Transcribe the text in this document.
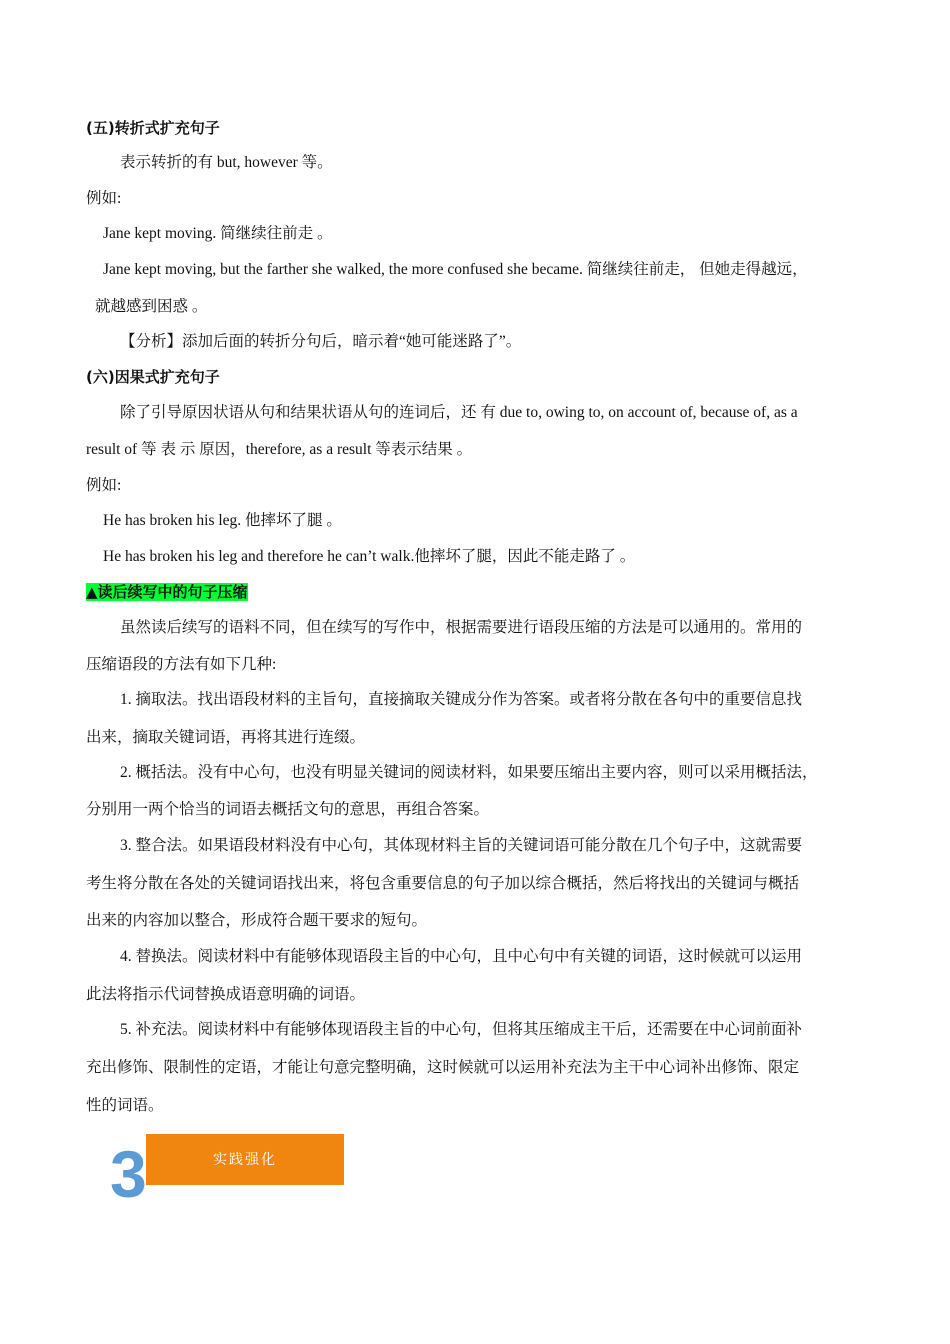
(五)转折式扩充句子
表示转折的有 but, however 等。
例如:
Jane kept moving. 简继续往前走 。
Jane kept moving, but the farther she walked, the more confused she became. 简继续往前走， 但她走得越远，
就越感到困惑 。
【分析】添加后面的转折分句后，暗示着“她可能迷路了”。
(六)因果式扩充句子
除了引导原因状语从句和结果状语从句的连词后，还 有 due to, owing to, on account of, because of, as a
result of 等 表 示 原因，therefore, as a result 等表示结果 。
例如:
He has broken his leg. 他摔坏了腿 。
He has broken his leg and therefore he can’t walk.他摔坏了腿，因此不能走路了 。
▲读后续写中的句子压缩
虽然读后续写的语料不同，但在续写的写作中，根据需要进行语段压缩的方法是可以通用的。常用的
压缩语段的方法有如下几种:
1. 摘取法。找出语段材料的主旨句，直接摘取关键成分作为答案。或者将分散在各句中的重要信息找
出来，摘取关键词语，再将其进行连缀。
2. 概括法。没有中心句，也没有明显关键词的阅读材料，如果要压缩出主要内容，则可以采用概括法，
分别用一两个恰当的词语去概括文句的意思，再组合答案。
3. 整合法。如果语段材料没有中心句，其体现材料主旨的关键词语可能分散在几个句子中，这就需要
考生将分散在各处的关键词语找出来，将包含重要信息的句子加以综合概括，然后将找出的关键词与概括
出来的内容加以整合，形成符合题干要求的短句。
4. 替换法。阅读材料中有能够体现语段主旨的中心句，且中心句中有关键的词语，这时候就可以运用
此法将指示代词替换成语意明确的词语。
5. 补充法。阅读材料中有能够体现语段主旨的中心句，但将其压缩成主干后，还需要在中心词前面补
充出修饰、限制性的定语，才能让句意完整明确，这时候就可以运用补充法为主干中心词补出修饰、限定
性的词语。
实践强化
3
